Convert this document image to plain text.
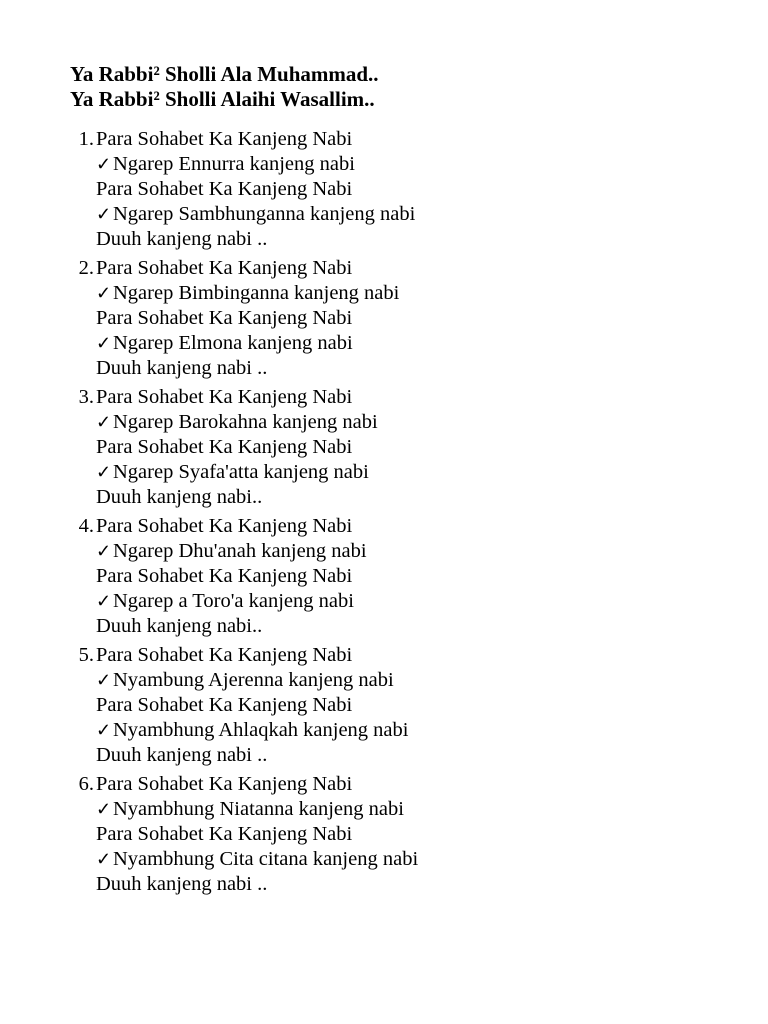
Ya Rabbi² Sholli Ala Muhammad..
Ya Rabbi² Sholli Alaihi Wasallim..
1. Para Sohabet Ka Kanjeng Nabi
✓Ngarep Ennurra kanjeng nabi
Para Sohabet Ka Kanjeng Nabi
✓Ngarep Sambhunganna kanjeng nabi
Duuh kanjeng nabi ..
2. Para Sohabet Ka Kanjeng Nabi
✓Ngarep Bimbinganna kanjeng nabi
Para Sohabet Ka Kanjeng Nabi
✓Ngarep Elmona kanjeng nabi
Duuh kanjeng nabi ..
3. Para Sohabet Ka Kanjeng Nabi
✓Ngarep Barokahna kanjeng nabi
Para Sohabet Ka Kanjeng Nabi
✓Ngarep Syafa'atta kanjeng nabi
Duuh kanjeng nabi..
4. Para Sohabet Ka Kanjeng Nabi
✓Ngarep Dhu'anah kanjeng nabi
Para Sohabet Ka Kanjeng Nabi
✓Ngarep a Toro'a kanjeng nabi
Duuh kanjeng nabi..
5. Para Sohabet Ka Kanjeng Nabi
✓Nyambung Ajerenna kanjeng nabi
Para Sohabet Ka Kanjeng Nabi
✓Nyambhung Ahlaqkah kanjeng nabi
Duuh kanjeng nabi ..
6. Para Sohabet Ka Kanjeng Nabi
✓Nyambhung Niatanna kanjeng nabi
Para Sohabet Ka Kanjeng Nabi
✓Nyambhung Cita citana kanjeng nabi
Duuh kanjeng nabi ..
